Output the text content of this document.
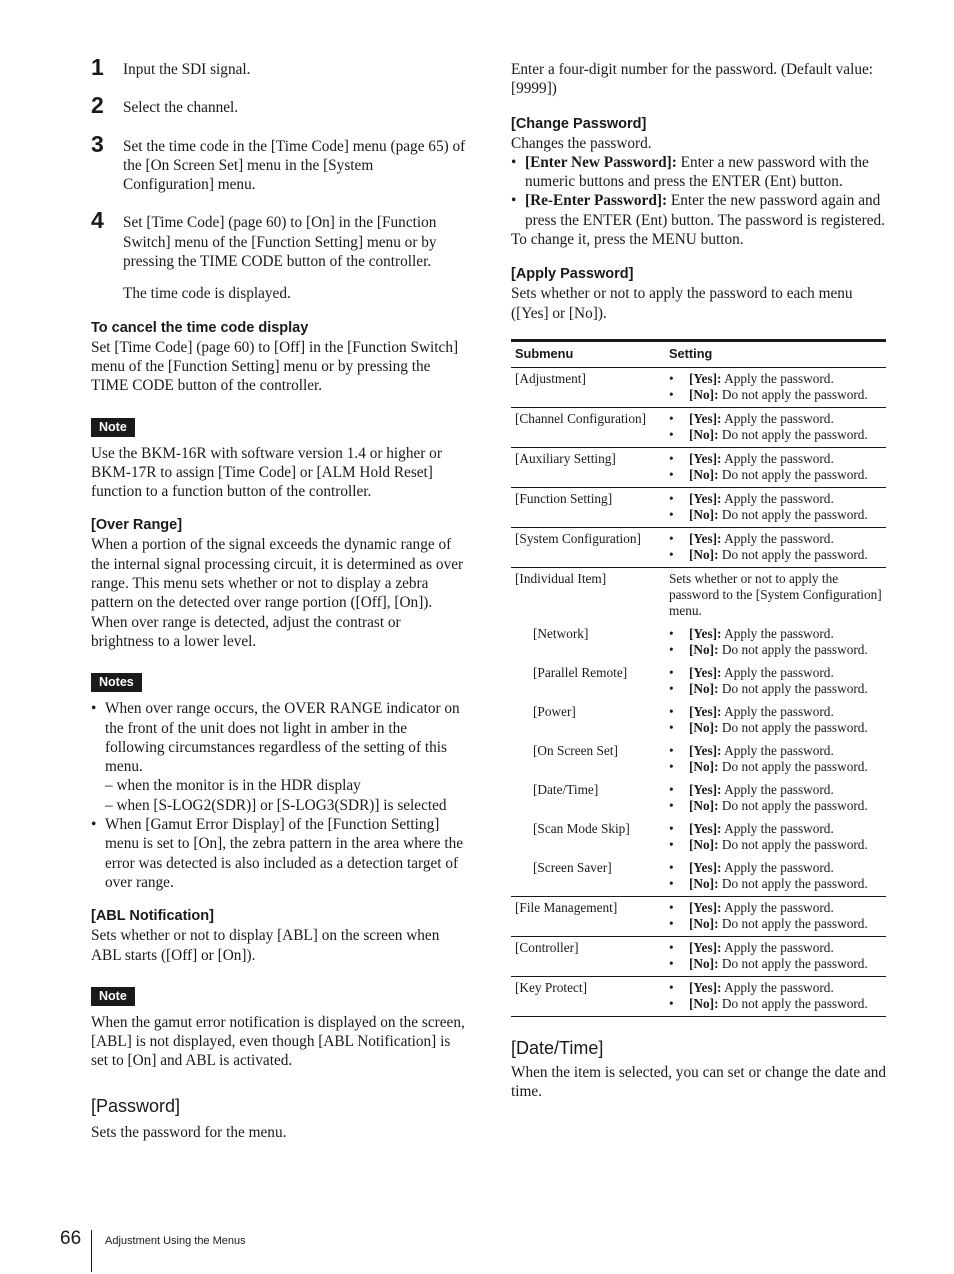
1 Input the SDI signal.

2 Select the channel.

3 Set the time code in the [Time Code] menu (page 65) of the [On Screen Set] menu in the [System Configuration] menu.

4 Set [Time Code] (page 60) to [On] in the [Function Switch] menu of the [Function Setting] menu or by pressing the TIME CODE button of the controller.

The time code is displayed.

To cancel the time code display

Set [Time Code] (page 60) to [Off] in the [Function Switch] menu of the [Function Setting] menu or by pressing the TIME CODE button of the controller.

Note

Use the BKM-16R with software version 1.4 or higher or BKM-17R to assign [Time Code] or [ALM Hold Reset] function to a function button of the controller.

[Over Range]

When a portion of the signal exceeds the dynamic range of the internal signal processing circuit, it is determined as over range. This menu sets whether or not to display a zebra pattern on the detected over range portion ([Off], [On]).

When over range is detected, adjust the contrast or brightness to a lower level.

Notes
• When over range occurs, the OVER RANGE indicator on the front of the unit does not light in amber in the following circumstances regardless of the setting of this menu.
– when the monitor is in the HDR display
– when [S-LOG2(SDR)] or [S-LOG3(SDR)] is selected
• When [Gamut Error Display] of the [Function Setting] menu is set to [On], the zebra pattern in the area where the error was detected is also included as a detection target of over range.

[ABL Notification]

Sets whether or not to display [ABL] on the screen when ABL starts ([Off] or [On]).

Note

When the gamut error notification is displayed on the screen, [ABL] is not displayed, even though [ABL Notification] is set to [On] and ABL is activated.

[Password]

Sets the password for the menu.

Enter a four-digit number for the password. (Default value: [9999])

[Change Password]

Changes the password.

• [Enter New Password]: Enter a new password with the numeric buttons and press the ENTER (Ent) button.
• [Re-Enter Password]: Enter the new password again and press the ENTER (Ent) button. The password is registered.

To change it, press the MENU button.

[Apply Password]

Sets whether or not to apply the password to each menu ([Yes] or [No]).

Submenu	Setting
[Adjustment]	• [Yes]: Apply the password.
• [No]: Do not apply the password.

[Channel Configuration]	• [Yes]: Apply the password.
• [No]: Do not apply the password.

[Auxiliary Setting]	• [Yes]: Apply the password.
• [No]: Do not apply the password.

[Function Setting]	• [Yes]: Apply the password.
• [No]: Do not apply the password.

[System Configuration]	• [Yes]: Apply the password.
• [No]: Do not apply the password.

[Individual Item]	Sets whether or not to apply the password to the [System Configuration] menu.
[Network]	• [Yes]: Apply the password.
• [No]: Do not apply the password.

[Parallel Remote]	• [Yes]: Apply the password.
• [No]: Do not apply the password.

[Power]	• [Yes]: Apply the password.
• [No]: Do not apply the password.

[On Screen Set]	• [Yes]: Apply the password.
• [No]: Do not apply the password.

[Date/Time]	• [Yes]: Apply the password.
• [No]: Do not apply the password.

[Scan Mode Skip]	• [Yes]: Apply the password.
• [No]: Do not apply the password.

[Screen Saver]	• [Yes]: Apply the password.
• [No]: Do not apply the password.

[File Management]	• [Yes]: Apply the password.
• [No]: Do not apply the password.

[Controller]	• [Yes]: Apply the password.
• [No]: Do not apply the password.

[Key Protect]	• [Yes]: Apply the password.
• [No]: Do not apply the password.

[Date/Time]

When the item is selected, you can set or change the date and time.

66 Adjustment Using the Menus
